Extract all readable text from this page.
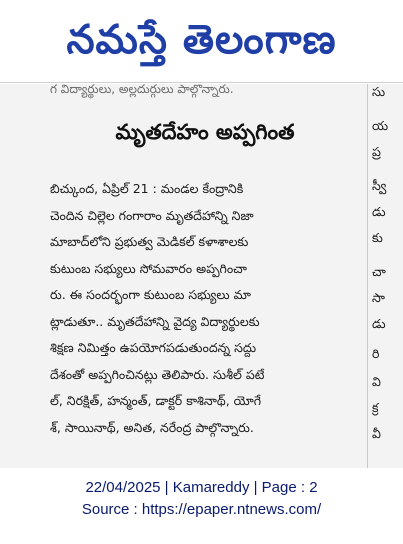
నమస్తే తెలంగాణ
గ విద్యార్థులు, అల్లదుర్గులు పాల్గొన్నారు.
మృతదేహం అప్పగింత
బిచ్కుంద, ఏప్రిల్ 21 : మండల కేంద్రానికి
చెందిన చిల్లెల గంగారాం మృతదేహాన్ని నిజా
మాబాద్‌లోని ప్రభుత్వ మెడికల్ కళాశాలకు
కుటుంబ సభ్యులు సోమవారం అప్పగించా
రు. ఈ సందర్భంగా కుటుంబ సభ్యులు మా
ట్లాడుతూ.. మృతదేహాన్ని వైద్య విద్యార్థులకు
శిక్షణ నిమిత్తం ఉపయోగపడుతుందన్న సద్దు
దేశంతో అప్పగించినట్లు తెలిపారు. సుశీల్ పటే
ల్, నిరక్షిత్, హన్మంత్, డాక్టర్ కాశినాథ్, యోగే
శ్, సాయినాథ్, అనిత, నరేంద్ర పాల్గొన్నారు.
సు
య
ప్ర
స్వీ
డు
కు
చా
సా
డు
రి
వి
క్ర
వీ
22/04/2025 | Kamareddy | Page : 2
Source : https://epaper.ntnews.com/
